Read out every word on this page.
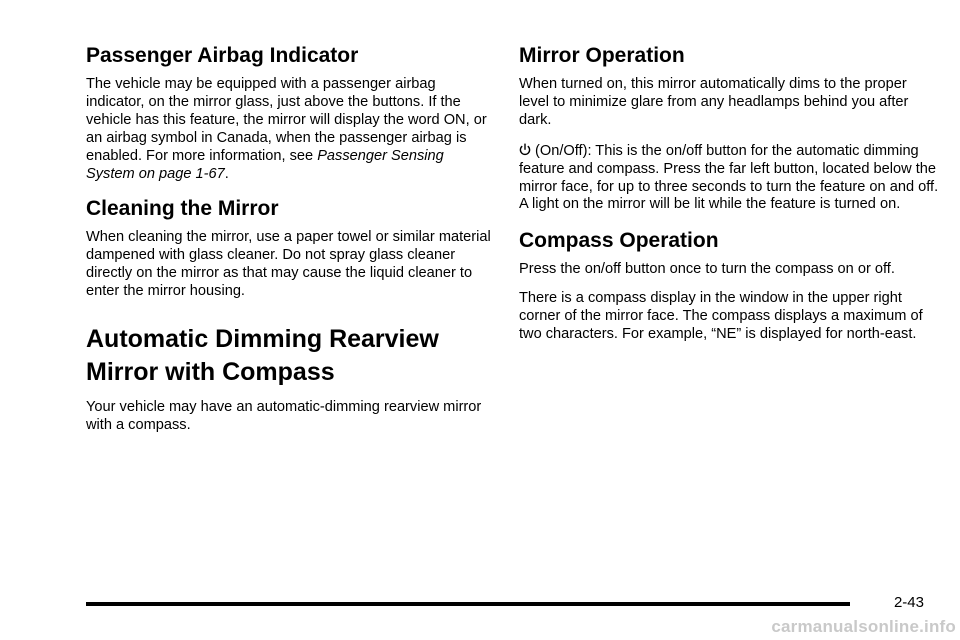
Passenger Airbag Indicator

The vehicle may be equipped with a passenger airbag indicator, on the mirror glass, just above the buttons. If the vehicle has this feature, the mirror will display the word ON, or an airbag symbol in Canada, when the passenger airbag is enabled. For more information, see Passenger Sensing System on page 1-67.

Cleaning the Mirror

When cleaning the mirror, use a paper towel or similar material dampened with glass cleaner. Do not spray glass cleaner directly on the mirror as that may cause the liquid cleaner to enter the mirror housing.

Automatic Dimming Rearview Mirror with Compass

Your vehicle may have an automatic-dimming rearview mirror with a compass.

Mirror Operation

When turned on, this mirror automatically dims to the proper level to minimize glare from any headlamps behind you after dark.

(On/Off): This is the on/off button for the automatic dimming feature and compass. Press the far left button, located below the mirror face, for up to three seconds to turn the feature on and off. A light on the mirror will be lit while the feature is turned on.

Compass Operation

Press the on/off button once to turn the compass on or off.

There is a compass display in the window in the upper right corner of the mirror face. The compass displays a maximum of two characters. For example, “NE” is displayed for north-east.

2-43
carmanualsonline.info
